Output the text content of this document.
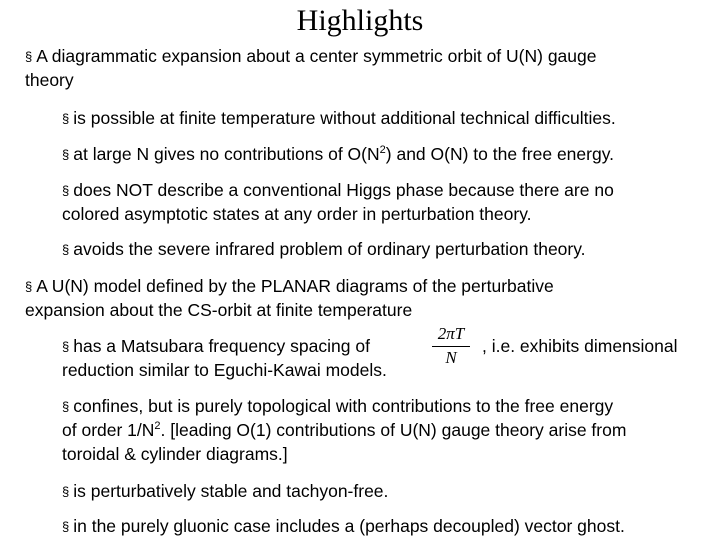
Highlights
§ A diagrammatic expansion about a center symmetric orbit of U(N) gauge
theory
§ is possible at finite temperature without additional technical difficulties.
§ at large N gives no contributions of $O(N^2)$ and O(N) to the free energy.
§ does NOT describe a conventional Higgs phase because there are no
colored asymptotic states at any order in perturbation theory.
§ avoids the severe infrared problem of ordinary perturbation theory.
§ A U(N) model defined by the PLANAR diagrams of the perturbative
expansion about the CS-orbit at finite temperature
§ has a Matsubara frequency spacing of	, i.e. exhibits dimensional
reduction similar to Eguchi-Kawai models.
2πT
N
§ confines, but is purely topological with contributions to the free energy
of order $1/N^2$. [leading O(1) contributions of U(N) gauge theory arise from
toroidal & cylinder diagrams.]
§ is perturbatively stable and tachyon-free.
§ in the purely gluonic case includes a (perhaps decoupled) vector ghost.
